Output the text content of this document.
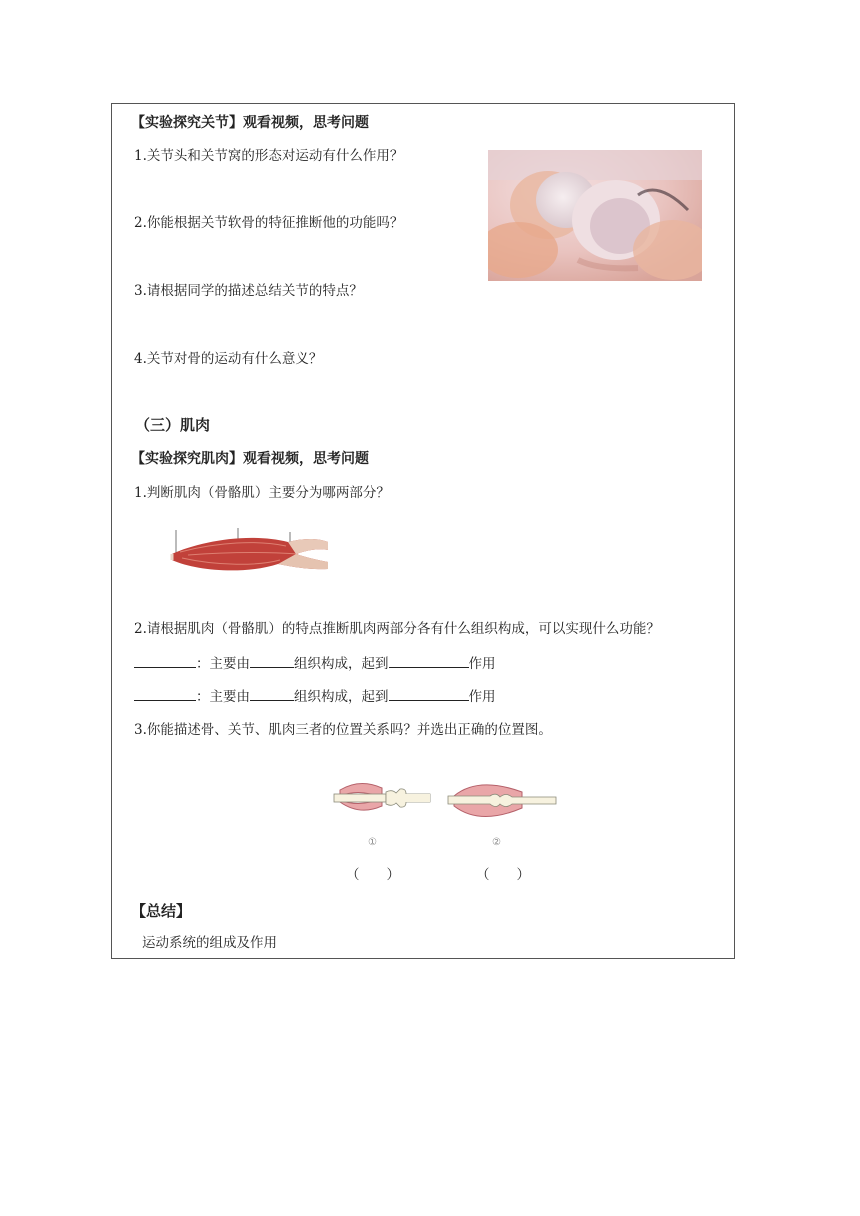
【实验探究关节】观看视频，思考问题
1.关节头和关节窝的形态对运动有什么作用？
2.你能根据关节软骨的特征推断他的功能吗？
3.请根据同学的描述总结关节的特点？
4.关节对骨的运动有什么意义？
（三）肌肉
【实验探究肌肉】观看视频，思考问题
1.判断肌肉（骨骼肌）主要分为哪两部分？
2.请根据肌肉（骨骼肌）的特点推断肌肉两部分各有什么组织构成，可以实现什么功能？
：主要由	组织构成，起到	作用
：主要由	组织构成，起到	作用
3.你能描述骨、关节、肌肉三者的位置关系吗？并选出正确的位置图。
①	②
（　　）	（　　）
【总结】
运动系统的组成及作用
